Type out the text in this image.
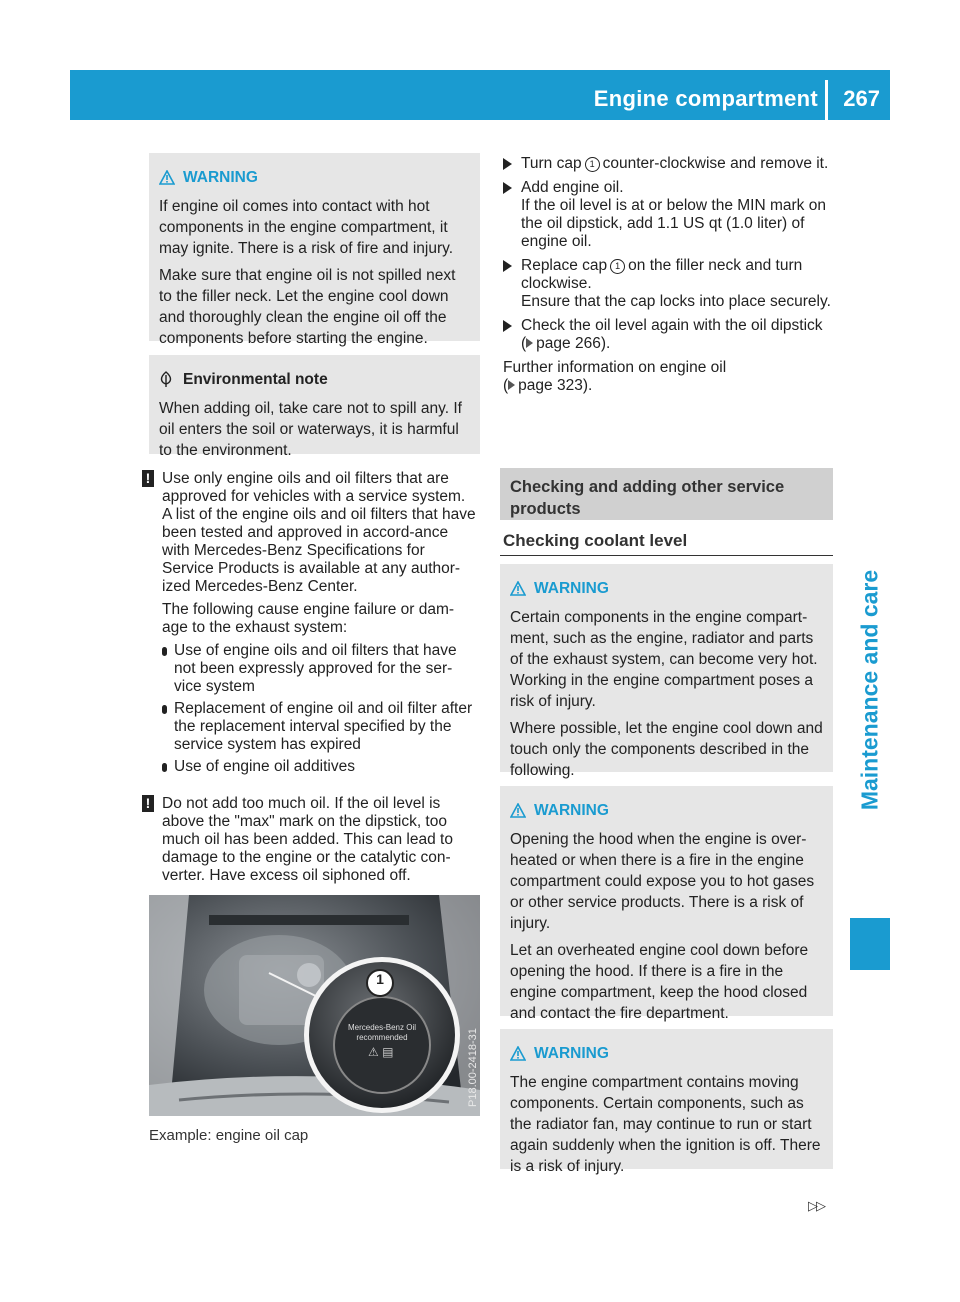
Engine compartment 267
Maintenance and care
WARNING

If engine oil comes into contact with hot components in the engine compartment, it may ignite. There is a risk of fire and injury.

Make sure that engine oil is not spilled next to the filler neck. Let the engine cool down and thoroughly clean the engine oil off the components before starting the engine.

Environmental note

When adding oil, take care not to spill any. If oil enters the soil or waterways, it is harmful to the environment.

! Use only engine oils and oil filters that are approved for vehicles with a service system. A list of the engine oils and oil filters that have been tested and approved in accord-ance with Mercedes-Benz Specifications for Service Products is available at any author-ized Mercedes-Benz Center.

The following cause engine failure or dam-age to the exhaust system:

Use of engine oils and oil filters that have not been expressly approved for the ser-vice system
Replacement of engine oil and oil filter after the replacement interval specified by the service system has expired
Use of engine oil additives
! Do not add too much oil. If the oil level is above the "max" mark on the dipstick, too much oil has been added. This can lead to damage to the engine or the catalytic con-verter. Have excess oil siphoned off.

1
Mercedes-Benz Oil
recommended
⚠ ▤	P18.00-2418-31
Example: engine oil cap
Turn cap 1 counter-clockwise and remove it.
Add engine oil.
If the oil level is at or below the MIN mark on the oil dipstick, add 1.1 US qt (1.0 liter) of engine oil.
Replace cap 1 on the filler neck and turn clockwise.
Ensure that the cap locks into place securely.
Check the oil level again with the oil dipstick
( page 266).
Further information on engine oil
( page 323).
Checking and adding other service products
Checking coolant level
WARNING

Certain components in the engine compart-ment, such as the engine, radiator and parts of the exhaust system, can become very hot. Working in the engine compartment poses a risk of injury.

Where possible, let the engine cool down and touch only the components described in the following.

WARNING

Opening the hood when the engine is over-heated or when there is a fire in the engine compartment could expose you to hot gases or other service products. There is a risk of injury.

Let an overheated engine cool down before opening the hood. If there is a fire in the engine compartment, keep the hood closed and contact the fire department.

WARNING

The engine compartment contains moving components. Certain components, such as the radiator fan, may continue to run or start again suddenly when the ignition is off. There is a risk of injury.

▷▷
